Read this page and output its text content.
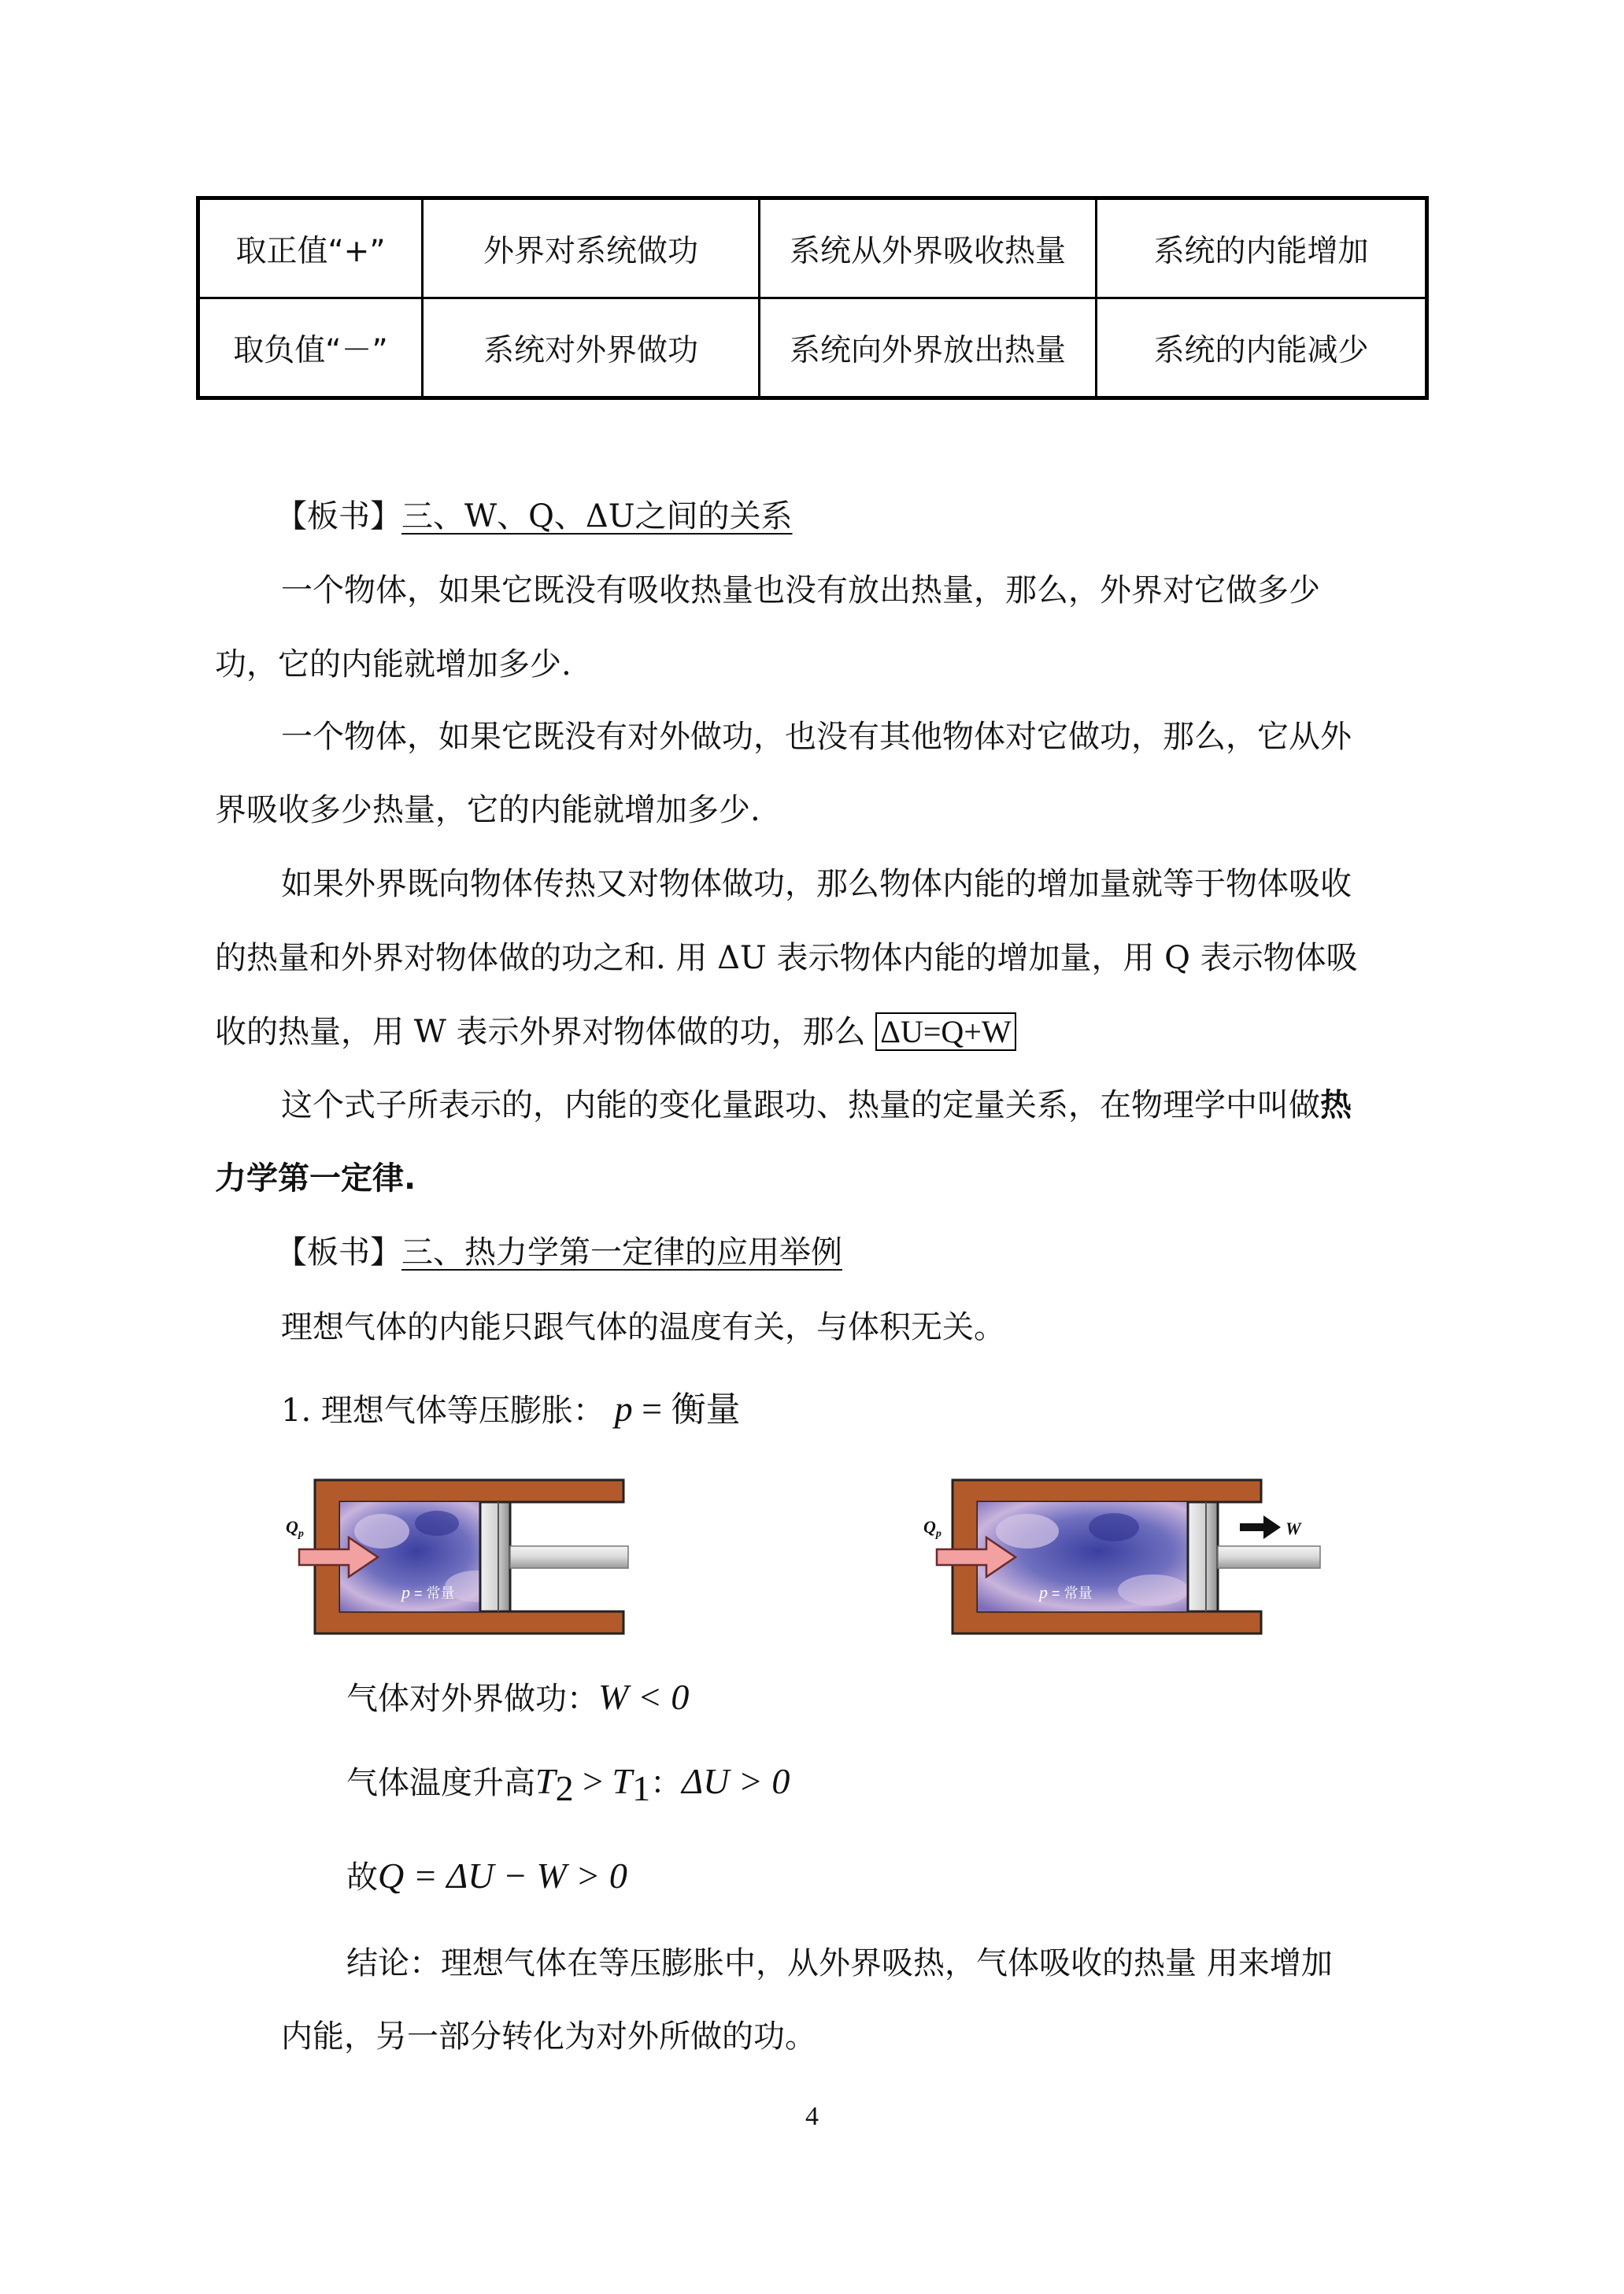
取正值“+”	外界对系统做功	系统从外界吸收热量	系统的内能增加
取负值“－”	系统对外界做功	系统向外界放出热量	系统的内能减少
【板书】三、W、Q、ΔU之间的关系
一个物体，如果它既没有吸收热量也没有放出热量，那么，外界对它做多少
功，它的内能就增加多少.
一个物体，如果它既没有对外做功，也没有其他物体对它做功，那么，它从外
界吸收多少热量，它的内能就增加多少.
如果外界既向物体传热又对物体做功，那么物体内能的增加量就等于物体吸收
的热量和外界对物体做的功之和. 用 ΔU 表示物体内能的增加量，用 Q 表示物体吸
收的热量，用 W 表示外界对物体做的功，那么 ΔU=Q+W
这个式子所表示的，内能的变化量跟功、热量的定量关系，在物理学中叫做热
力学第一定律.
【板书】三、热力学第一定律的应用举例
理想气体的内能只跟气体的温度有关，与体积无关。
1. 理想气体等压膨胀： p = 衡量
$Q_p$
p = 常量
W
$Q_p$
p = 常量
气体对外界做功：W < 0
气体温度升高$T_2 > T_1$：ΔU > 0
故Q = ΔU − W > 0
结论：理想气体在等压膨胀中，从外界吸热，气体吸收的热量 用来增加
内能，另一部分转化为对外所做的功。
4
